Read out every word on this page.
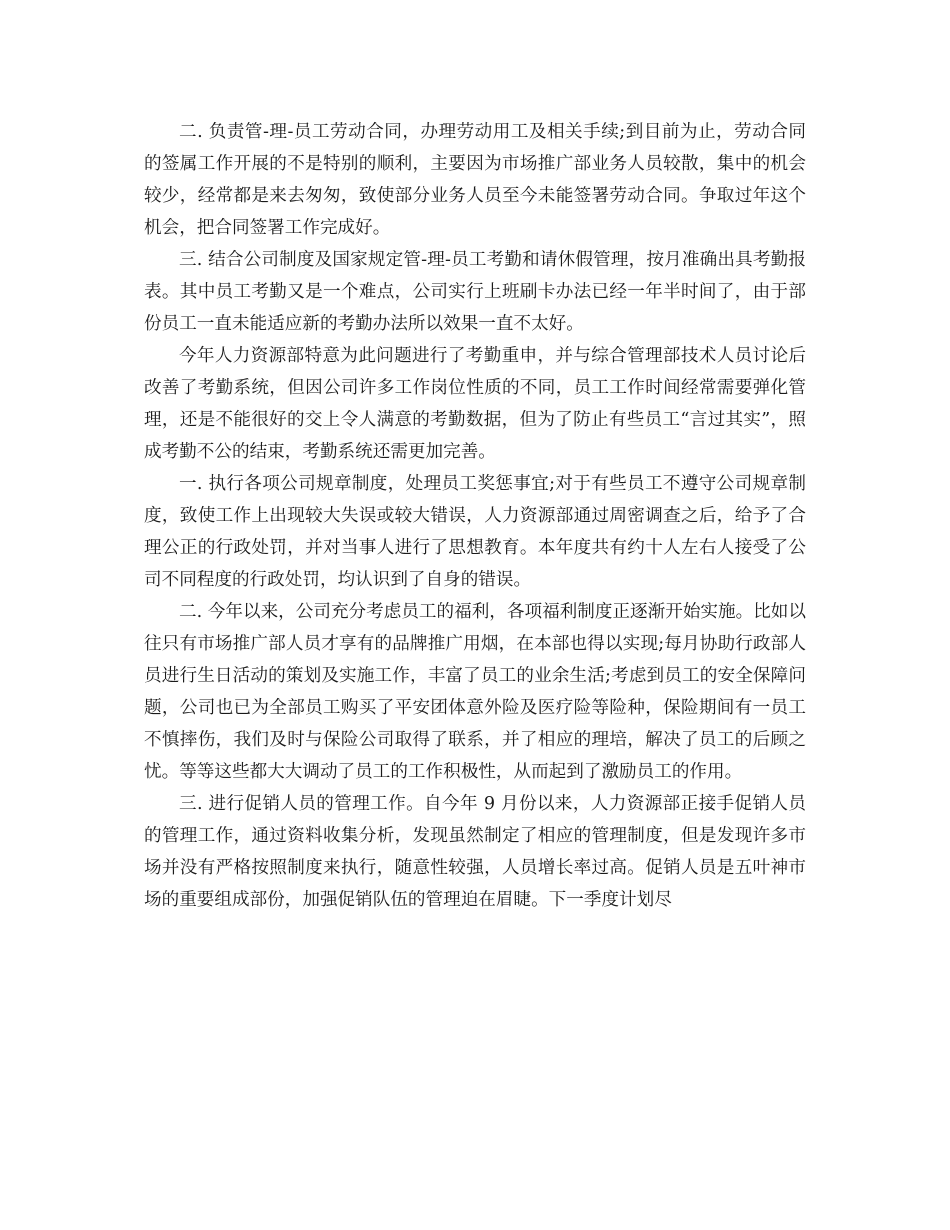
二. 负责管-理-员工劳动合同，办理劳动用工及相关手续;到目前为止，劳动合同的签属工作开展的不是特别的顺利，主要因为市场推广部业务人员较散，集中的机会较少，经常都是来去匆匆，致使部分业务人员至今未能签署劳动合同。争取过年这个机会，把合同签署工作完成好。

三. 结合公司制度及国家规定管-理-员工考勤和请休假管理，按月准确出具考勤报表。其中员工考勤又是一个难点，公司实行上班刷卡办法已经一年半时间了，由于部份员工一直未能适应新的考勤办法所以效果一直不太好。

今年人力资源部特意为此问题进行了考勤重申，并与综合管理部技术人员讨论后改善了考勤系统，但因公司许多工作岗位性质的不同，员工工作时间经常需要弹化管理，还是不能很好的交上令人满意的考勤数据，但为了防止有些员工“言过其实”，照成考勤不公的结束，考勤系统还需更加完善。

一. 执行各项公司规章制度，处理员工奖惩事宜;对于有些员工不遵守公司规章制度，致使工作上出现较大失误或较大错误，人力资源部通过周密调查之后，给予了合理公正的行政处罚，并对当事人进行了思想教育。本年度共有约十人左右人接受了公司不同程度的行政处罚，均认识到了自身的错误。

二. 今年以来，公司充分考虑员工的福利，各项福利制度正逐渐开始实施。比如以往只有市场推广部人员才享有的品牌推广用烟，在本部也得以实现;每月协助行政部人员进行生日活动的策划及实施工作，丰富了员工的业余生活;考虑到员工的安全保障问题，公司也已为全部员工购买了平安团体意外险及医疗险等险种，保险期间有一员工不慎摔伤，我们及时与保险公司取得了联系，并了相应的理培，解决了员工的后顾之忧。等等这些都大大调动了员工的工作积极性，从而起到了激励员工的作用。

三. 进行促销人员的管理工作。自今年 9 月份以来，人力资源部正接手促销人员的管理工作，通过资料收集分析，发现虽然制定了相应的管理制度，但是发现许多市场并没有严格按照制度来执行，随意性较强，人员增长率过高。促销人员是五叶神市场的重要组成部份，加强促销队伍的管理迫在眉睫。下一季度计划尽
